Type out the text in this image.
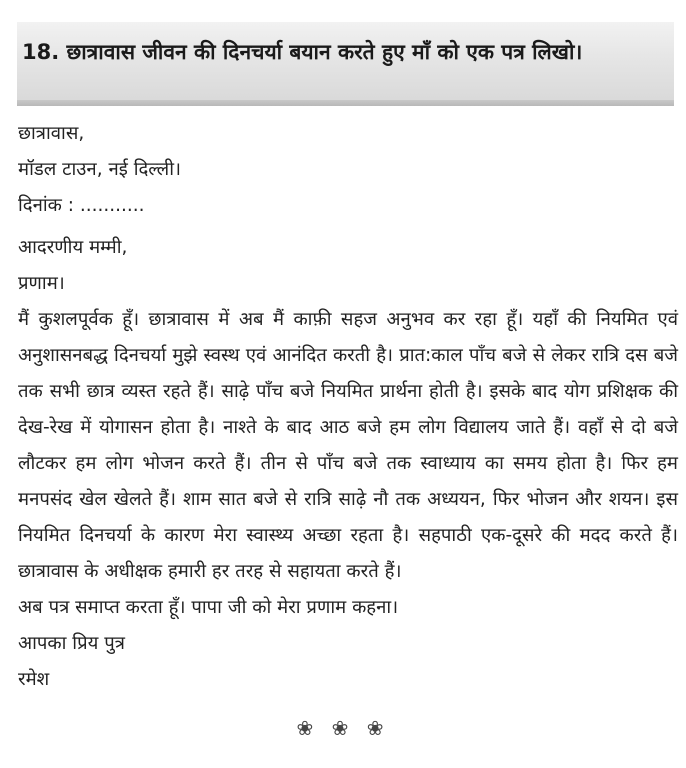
18. छात्रावास जीवन की दिनचर्या बयान करते हुए माँ को एक पत्र लिखो।

छात्रावास,

मॉडल टाउन, नई दिल्ली।

दिनांक : ...........

आदरणीय मम्मी,

प्रणाम।

मैं कुशलपूर्वक हूँ। छात्रावास में अब मैं काफ़ी सहज अनुभव कर रहा हूँ। यहाँ की नियमित एवं अनुशासनबद्ध दिनचर्या मुझे स्वस्थ एवं आनंदित करती है। प्रात:काल पाँच बजे से लेकर रात्रि दस बजे तक सभी छात्र व्यस्त रहते हैं। साढ़े पाँच बजे नियमित प्रार्थना होती है। इसके बाद योग प्रशिक्षक की देख-रेख में योगासन होता है। नाश्ते के बाद आठ बजे हम लोग विद्यालय जाते हैं। वहाँ से दो बजे लौटकर हम लोग भोजन करते हैं। तीन से पाँच बजे तक स्वाध्याय का समय होता है। फिर हम मनपसंद खेल खेलते हैं। शाम सात बजे से रात्रि साढ़े नौ तक अध्ययन, फिर भोजन और शयन। इस नियमित दिनचर्या के कारण मेरा स्वास्थ्य अच्छा रहता है। सहपाठी एक-दूसरे की मदद करते हैं। छात्रावास के अधीक्षक हमारी हर तरह से सहायता करते हैं।

अब पत्र समाप्त करता हूँ। पापा जी को मेरा प्रणाम कहना।

आपका प्रिय पुत्र

रमेश

❀ ❀ ❀
